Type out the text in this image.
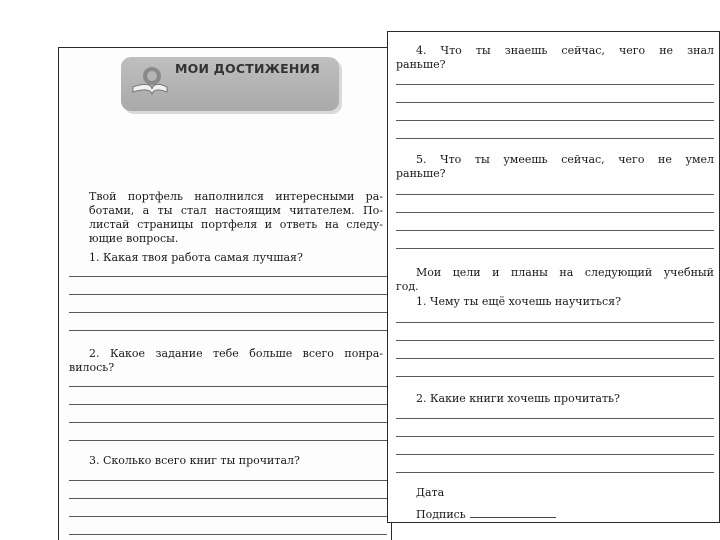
МОИ ДОСТИЖЕНИЯ
Твой портфель наполнился интересными ра-
ботами, а ты стал настоящим читателем. По-
листай страницы портфеля и ответь на следу-
ющие вопросы.
1. Какая твоя работа самая лучшая?
2. Какое задание тебе больше всего понра-
вилось?
3. Сколько всего книг ты прочитал?
4. Что ты знаешь сейчас, чего не знал
раньше?
5. Что ты умеешь сейчас, чего не умел
раньше?
Мои цели и планы на следующий учебный
год.
1. Чему ты ещё хочешь научиться?
2. Какие книги хочешь прочитать?
Дата
Подпись
